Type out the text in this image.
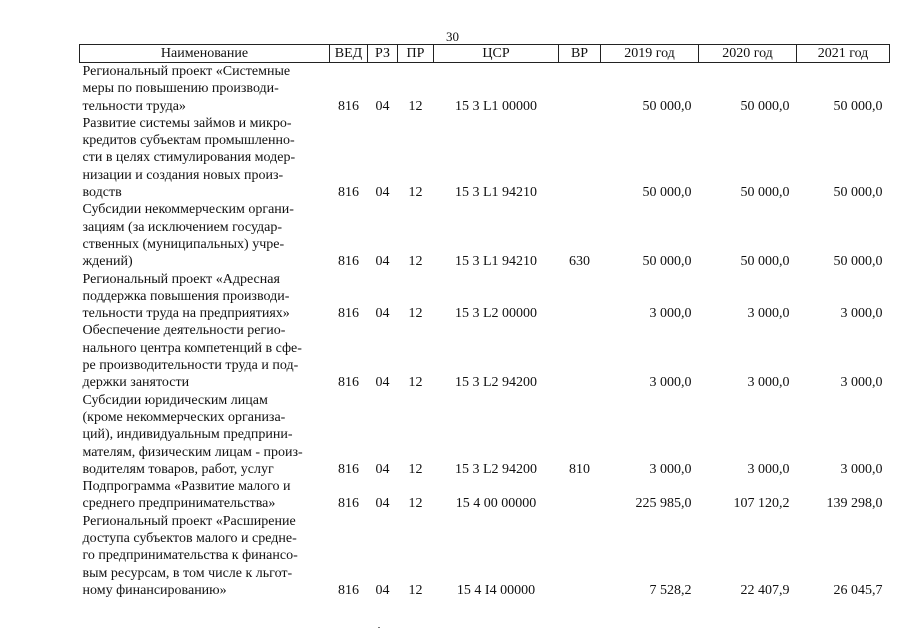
30
Наименование	ВЕД	РЗ	ПР	ЦСР	ВР	2019 год	2020 год	2021 год

Региональный проект «Системные
меры по повышению производи-
тельности труда»	816	04	12	15 3 L1 00000		50 000,0	50 000,0	50 000,0

Развитие системы займов и микро-
кредитов субъектам промышленно-
сти в целях стимулирования модер-
низации и создания новых произ-
водств	816	04	12	15 3 L1 94210		50 000,0	50 000,0	50 000,0

Субсидии некоммерческим органи-
зациям (за исключением государ-
ственных (муниципальных) учре-
ждений)	816	04	12	15 3 L1 94210	630	50 000,0	50 000,0	50 000,0

Региональный проект «Адресная
поддержка повышения производи-
тельности труда на предприятиях»	816	04	12	15 3 L2 00000		3 000,0	3 000,0	3 000,0

Обеспечение деятельности регио-
нального центра компетенций в сфе-
ре производительности труда и под-
держки занятости	816	04	12	15 3 L2 94200		3 000,0	3 000,0	3 000,0

Субсидии юридическим лицам
(кроме некоммерческих организа-
ций), индивидуальным предприни-
мателям, физическим лицам - произ-
водителям товаров, работ, услуг	816	04	12	15 3 L2 94200	810	3 000,0	3 000,0	3 000,0

Подпрограмма «Развитие малого и
среднего предпринимательства»	816	04	12	15 4 00 00000		225 985,0	107 120,2	139 298,0

Региональный проект «Расширение
доступа субъектов малого и средне-
го предпринимательства к финансо-
вым ресурсам, в том числе к льгот-
ному финансированию»	816	04	12	15 4 I4 00000		7 528,2	22 407,9	26 045,7
